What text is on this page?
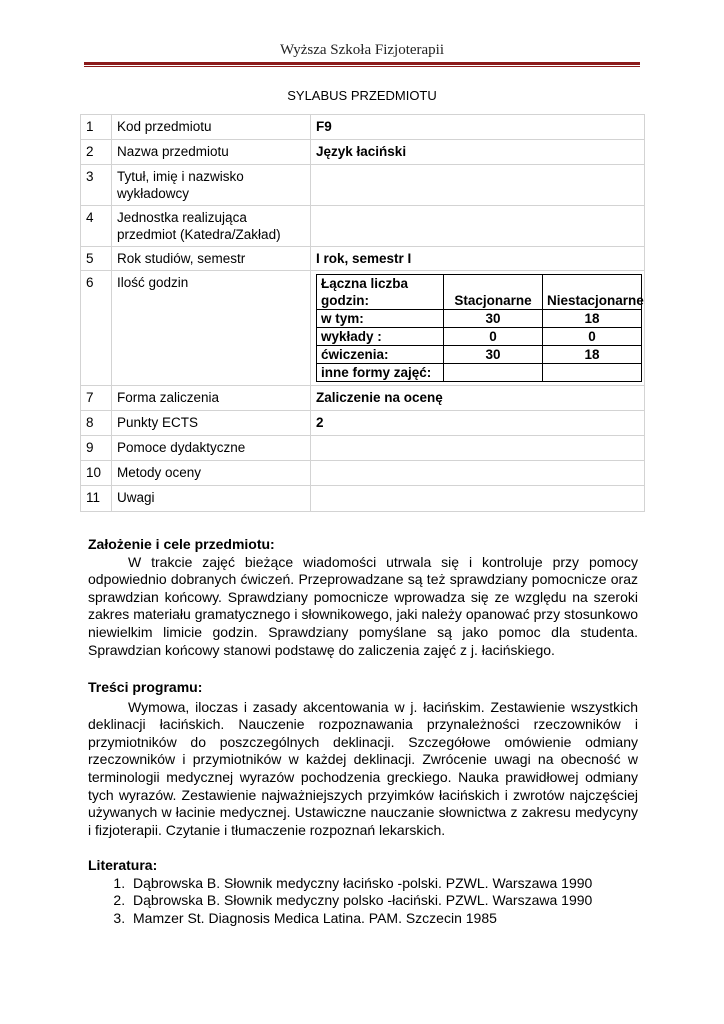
Wyższa Szkoła Fizjoterapii
SYLABUS PRZEDMIOTU
1	Kod przedmiotu	F9
2	Nazwa przedmiotu	Język łaciński
3	Tytuł, imię i nazwisko wykładowcy	
4	Jednostka realizująca przedmiot (Katedra/Zakład)	
5	Rok studiów, semestr	I rok, semestr I
6	Ilość godzin		Łączna liczba godzin:	Stacjonarne	Niestacjonarne
w tym:	30	18
wykłady :	0	0
ćwiczenia:	30	18
inne formy zajęć:		

7	Forma zaliczenia	Zaliczenie na ocenę
8	Punkty ECTS	2
9	Pomoce dydaktyczne	
10	Metody oceny	
11	Uwagi	
Założenie i cele przedmiotu:

W trakcie zajęć bieżące wiadomości utrwala się i kontroluje przy pomocy odpowiednio dobranych ćwiczeń. Przeprowadzane są też sprawdziany pomocnicze oraz sprawdzian końcowy. Sprawdziany pomocnicze wprowadza się ze względu na szeroki zakres materiału gramatycznego i słownikowego, jaki należy opanować przy stosunkowo niewielkim limicie godzin. Sprawdziany pomyślane są jako pomoc dla studenta. Sprawdzian końcowy stanowi podstawę do zaliczenia zajęć z j. łacińskiego.

Treści programu:

Wymowa, iloczas i zasady akcentowania w j. łacińskim. Zestawienie wszystkich deklinacji łacińskich. Nauczenie rozpoznawania przynależności rzeczowników i przymiotników do poszczególnych deklinacji. Szczegółowe omówienie odmiany rzeczowników i przymiotników w każdej deklinacji. Zwrócenie uwagi na obecność w terminologii medycznej wyrazów pochodzenia greckiego. Nauka prawidłowej odmiany tych wyrazów. Zestawienie najważniejszych przyimków łacińskich i zwrotów najczęściej używanych w łacinie medycznej. Ustawiczne nauczanie słownictwa z zakresu medycyny i fizjoterapii. Czytanie i tłumaczenie rozpoznań lekarskich.

Literatura:
1. Dąbrowska B. Słownik medyczny łacińsko -polski. PZWL. Warszawa 1990
2. Dąbrowska B. Słownik medyczny polsko -łaciński. PZWL. Warszawa 1990
3. Mamzer St. Diagnosis Medica Latina. PAM. Szczecin 1985
